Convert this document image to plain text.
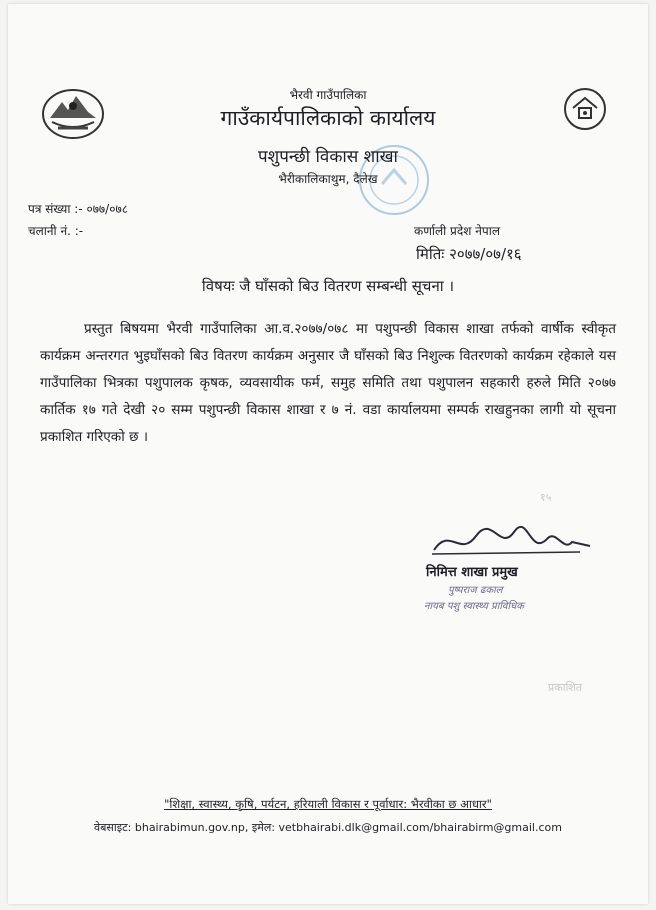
भैरवी गाउँपालिका
गाउँकार्यपालिकाको कार्यालय
पशुपन्छी विकास शाखा
भैरीकालिकाथुम, दैलेख
पत्र संख्या :- ०७७/०७८
चलानी नं. :-	कर्णाली प्रदेश नेपाल
मितिः २०७७/०७/१६
विषयः जै घाँसको बिउ वितरण सम्बन्धी सूचना ।
प्रस्तुत बिषयमा भैरवी गाउँपालिका आ.व.२०७७/०७८ मा पशुपन्छी विकास शाखा तर्फको वार्षीक स्वीकृत कार्यक्रम अन्तरगत भुइघाँसको बिउ वितरण कार्यक्रम अनुसार जै घाँसको बिउ निशुल्क वितरणको कार्यक्रम रहेकाले यस गाउँपालिका भित्रका पशुपालक कृषक, व्यवसायीक फर्म, समुह समिति तथा पशुपालन सहकारी हरुले मिति २०७७ कार्तिक १७ गते देखी २० सम्म पशुपन्छी विकास शाखा र ७ नं. वडा कार्यालयमा सम्पर्क राखहुनका लागी यो सूचना प्रकाशित गरिएको छ ।
१५
प्रकाशित
निमित्त शाखा प्रमुख
पुष्पराज ढकाल
नायब पशु स्वास्थ्य प्राविधिक
"शिक्षा, स्वास्थ्य, कृषि, पर्यटन, हरियाली विकास र पूर्वाधार: भैरवीका छ आधार"
वेबसाइट: bhairabimun.gov.np, इमेल: vetbhairabi.dlk@gmail.com/bhairabirm@gmail.com
